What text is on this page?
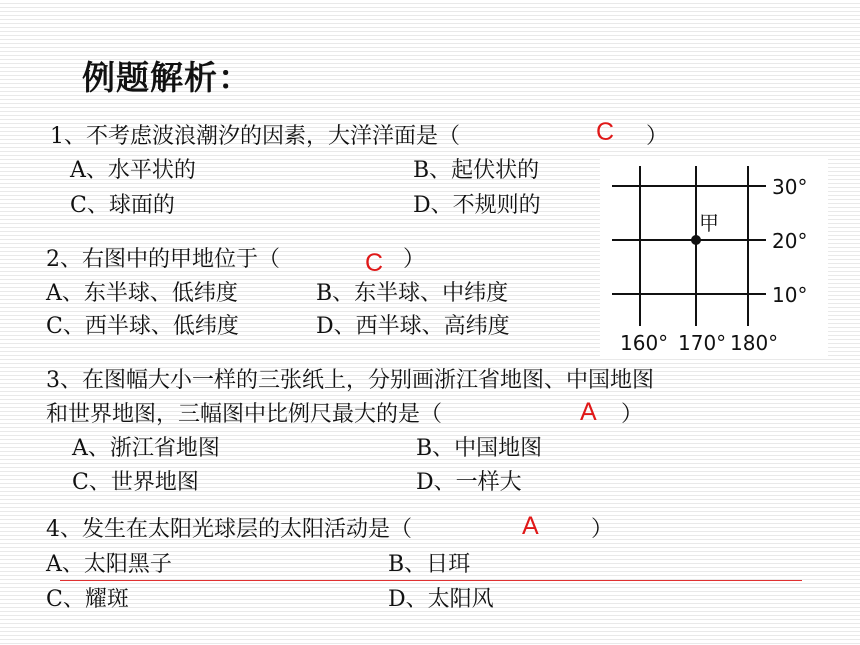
例题解析：
1、不考虑波浪潮汐的因素，大洋洋面是（	）
C
A、水平状的	B、起伏状的
C、球面的	D、不规则的
2、右图中的甲地位于（	）
C
A、东半球、低纬度	B、东半球、中纬度
C、西半球、低纬度	D、西半球、高纬度
甲
30°
20°
10°
160° 170° 180°
3、在图幅大小一样的三张纸上，分别画浙江省地图、中国地图
和世界地图，三幅图中比例尺最大的是（	）
A
A、浙江省地图	B、中国地图
C、世界地图	D、一样大
4、发生在太阳光球层的太阳活动是（	）
A
A、太阳黑子	B、日珥
C、耀斑	D、太阳风
